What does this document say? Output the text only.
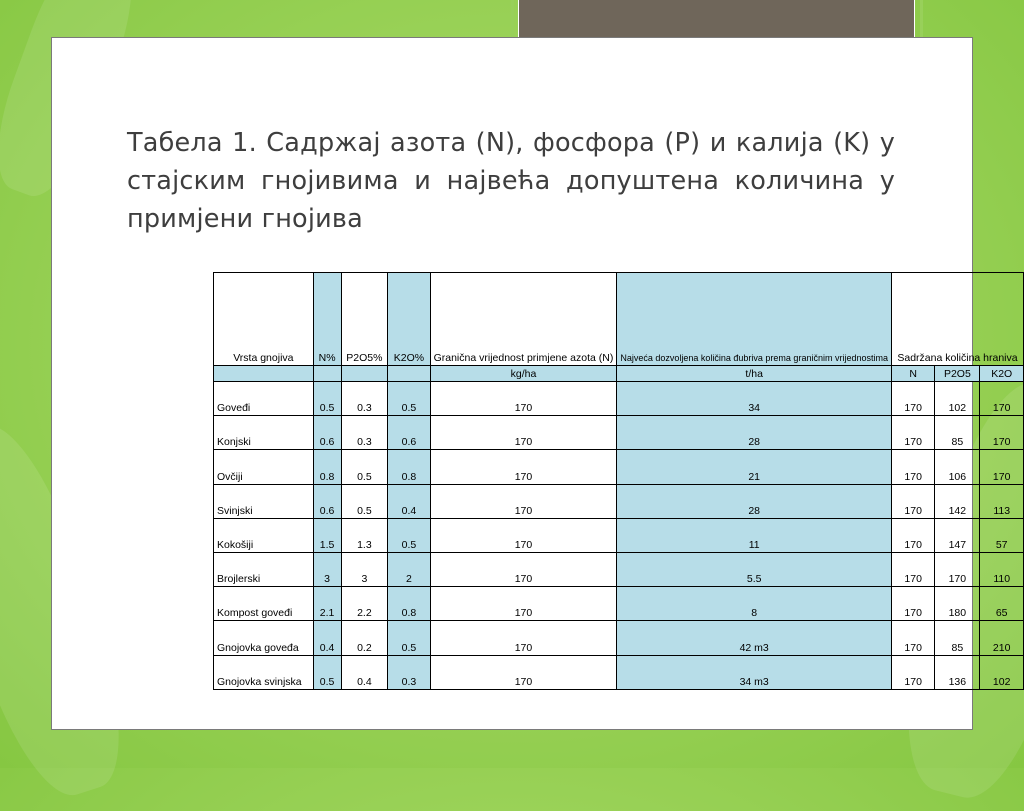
Табела 1. Садржај азота (N), фосфора (P) и калија (K) у стајским гнојивима и највећа допуштена количина у примјени гнојива
Vrsta gnojiva	N%	P2O5%	K2O%	Granična vrijednost primjene azota (N)	Najveća dozvoljena količina đubriva prema graničnim vrijednostima	Sadržana količina hraniva		
				kg/ha	t/ha	N	P2O5	K2O
Goveđi	0.5	0.3	0.5	170	34	170	102	170
Konjski	0.6	0.3	0.6	170	28	170	85	170
Ovčiji	0.8	0.5	0.8	170	21	170	106	170
Svinjski	0.6	0.5	0.4	170	28	170	142	113
Kokošiji	1.5	1.3	0.5	170	11	170	147	57
Brojlerski	3	3	2	170	5.5	170	170	110
Kompost goveđi	2.1	2.2	0.8	170	8	170	180	65
Gnojovka goveđa	0.4	0.2	0.5	170	42 m3	170	85	210
Gnojovka svinjska	0.5	0.4	0.3	170	34 m3	170	136	102
